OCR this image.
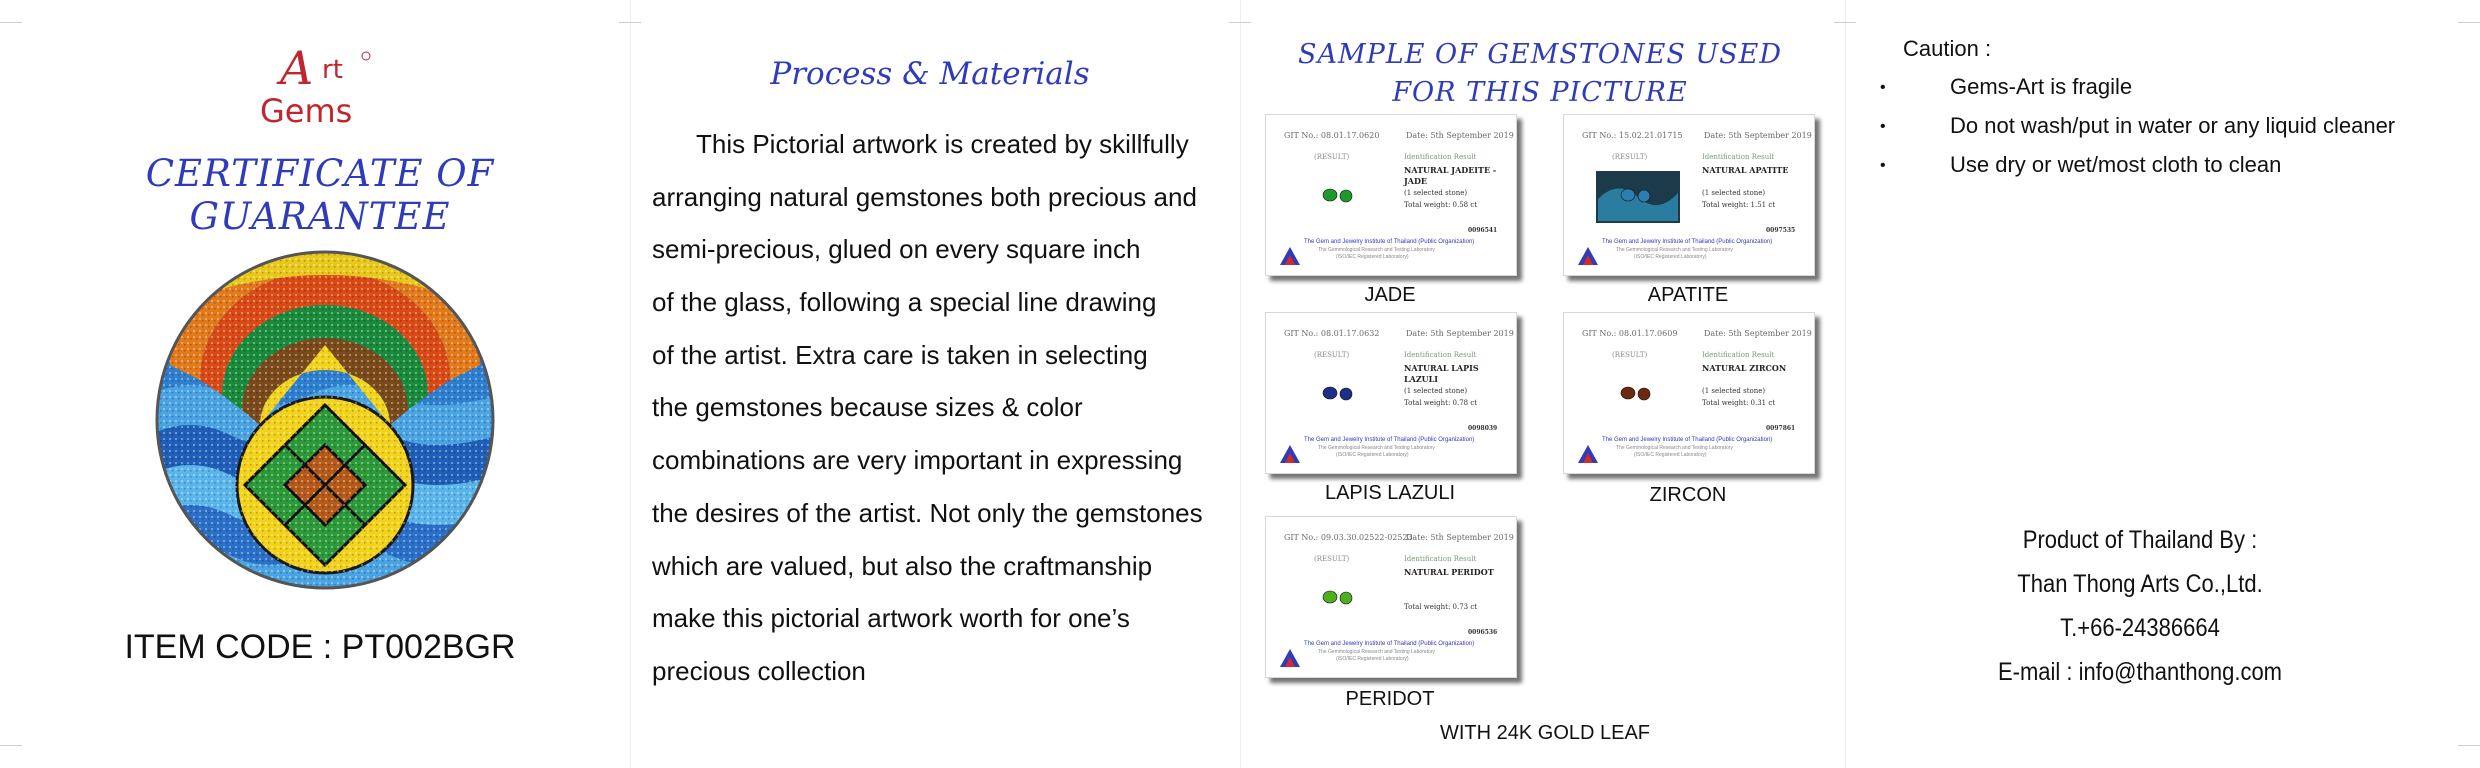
A rt
Gems
CERTIFICATE OF GUARANTEE
ITEM CODE : PT002BGR
Process & Materials
This Pictorial artwork is created by skillfully
arranging natural gemstones both precious and
semi-precious, glued on every square inch
of the glass, following a special line drawing
of the artist. Extra care is taken in selecting
the gemstones because sizes & color
combinations are very important in expressing
the desires of the artist. Not only the gemstones
which are valued, but also the craftmanship
make this pictorial artwork worth for one’s
precious collection
SAMPLE OF GEMSTONES USED
FOR THIS PICTURE
GIT No.: 08.01.17.0620	Date: 5th September 2019
(RESULT)	Identification Result
NATURAL JADEITE - JADE
(1 selected stone)
Total weight: 0.58 ct
0096541
The Gem and Jewelry Institute of Thailand (Public Organization)
The Gemmological Research and Testing Laboratory
(ISO/IEC Registered Laboratory)
GIT No.: 15.02.21.01715	Date: 5th September 2019
(RESULT)	Identification Result
NATURAL APATITE
(1 selected stone)
Total weight: 1.51 ct
0097535
The Gem and Jewelry Institute of Thailand (Public Organization)
The Gemmological Research and Testing Laboratory
(ISO/IEC Registered Laboratory)
GIT No.: 08.01.17.0632	Date: 5th September 2019
(RESULT)	Identification Result
NATURAL LAPIS LAZULI
(1 selected stone)
Total weight: 0.78 ct
0098039
The Gem and Jewelry Institute of Thailand (Public Organization)
The Gemmological Research and Testing Laboratory
(ISO/IEC Registered Laboratory)
GIT No.: 08.01.17.0609	Date: 5th September 2019
(RESULT)	Identification Result
NATURAL ZIRCON
(1 selected stone)
Total weight: 0.31 ct
0097861
The Gem and Jewelry Institute of Thailand (Public Organization)
The Gemmological Research and Testing Laboratory
(ISO/IEC Registered Laboratory)
GIT No.: 09.03.30.02522-02523
Date: 5th September 2019
(RESULT)	Identification Result
NATURAL PERIDOT
Total weight: 0.73 ct
0096536
The Gem and Jewelry Institute of Thailand (Public Organization)
The Gemmological Research and Testing Laboratory
(ISO/IEC Registered Laboratory)
JADE	APATITE
LAPIS LAZULI	ZIRCON
PERIDOT
WITH 24K GOLD LEAF
Caution :
•	Gems-Art is fragile
•	Do not wash/put in water or any liquid cleaner
•	Use dry or wet/most cloth to clean
Product of Thailand By :
Than Thong Arts Co.,Ltd.
T.+66-24386664
E-mail : info@thanthong.com
